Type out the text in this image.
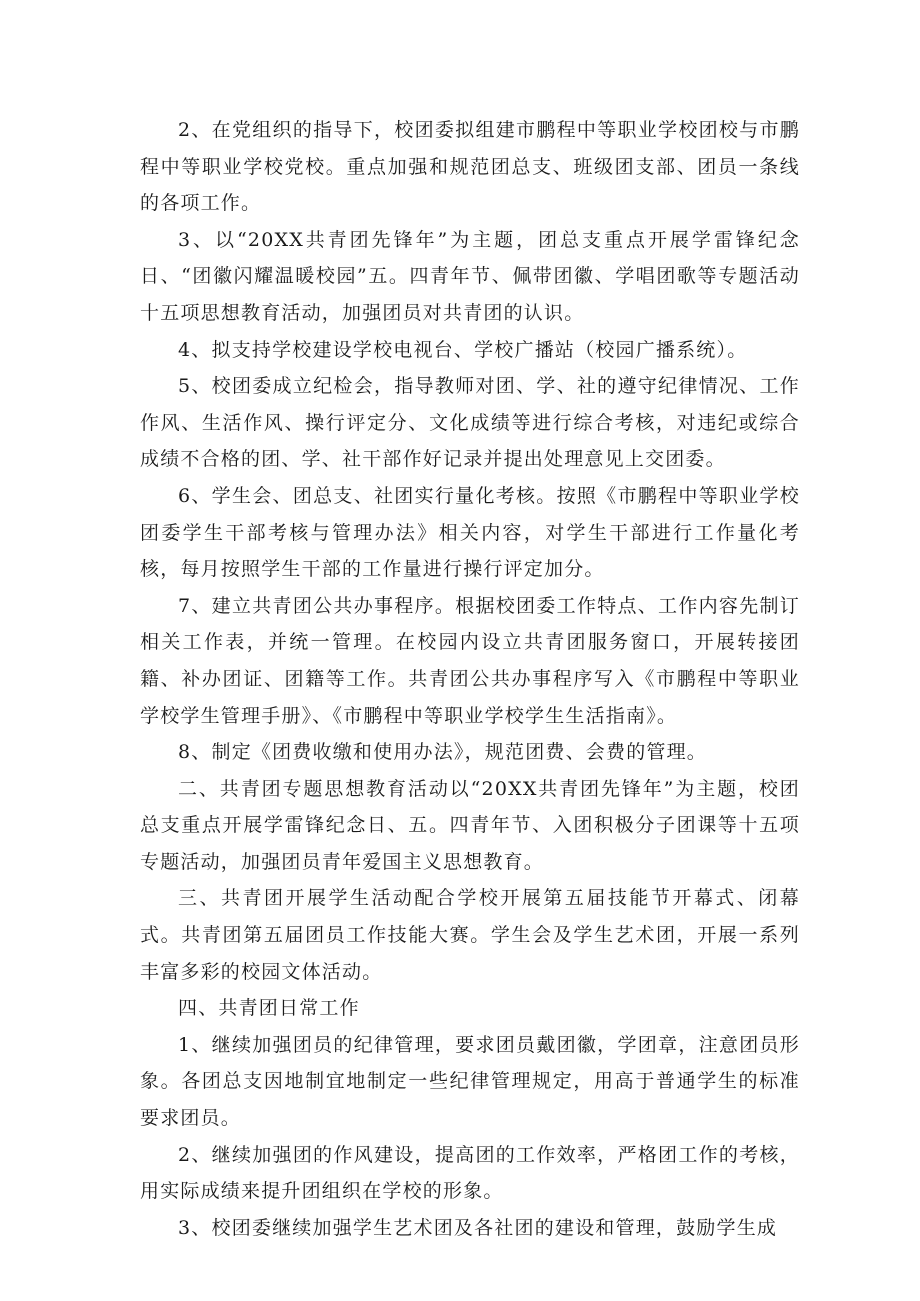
2、在党组织的指导下，校团委拟组建市鹏程中等职业学校团校与市鹏程中等职业学校党校。重点加强和规范团总支、班级团支部、团员一条线的各项工作。

3、以“20XX共青团先锋年”为主题，团总支重点开展学雷锋纪念日、“团徽闪耀温暖校园”五。四青年节、佩带团徽、学唱团歌等专题活动十五项思想教育活动，加强团员对共青团的认识。

4、拟支持学校建设学校电视台、学校广播站（校园广播系统）。

5、校团委成立纪检会，指导教师对团、学、社的遵守纪律情况、工作作风、生活作风、操行评定分、文化成绩等进行综合考核，对违纪或综合成绩不合格的团、学、社干部作好记录并提出处理意见上交团委。

6、学生会、团总支、社团实行量化考核。按照《市鹏程中等职业学校团委学生干部考核与管理办法》相关内容，对学生干部进行工作量化考核，每月按照学生干部的工作量进行操行评定加分。

7、建立共青团公共办事程序。根据校团委工作特点、工作内容先制订相关工作表，并统一管理。在校园内设立共青团服务窗口，开展转接团籍、补办团证、团籍等工作。共青团公共办事程序写入《市鹏程中等职业学校学生管理手册》、《市鹏程中等职业学校学生生活指南》。

8、制定《团费收缴和使用办法》，规范团费、会费的管理。

二、共青团专题思想教育活动以“20XX共青团先锋年”为主题，校团总支重点开展学雷锋纪念日、五。四青年节、入团积极分子团课等十五项专题活动，加强团员青年爱国主义思想教育。

三、共青团开展学生活动配合学校开展第五届技能节开幕式、闭幕式。共青团第五届团员工作技能大赛。学生会及学生艺术团，开展一系列丰富多彩的校园文体活动。

四、共青团日常工作

1、继续加强团员的纪律管理，要求团员戴团徽，学团章，注意团员形象。各团总支因地制宜地制定一些纪律管理规定，用高于普通学生的标准要求团员。

2、继续加强团的作风建设，提高团的工作效率，严格团工作的考核，用实际成绩来提升团组织在学校的形象。

3、校团委继续加强学生艺术团及各社团的建设和管理，鼓励学生成
